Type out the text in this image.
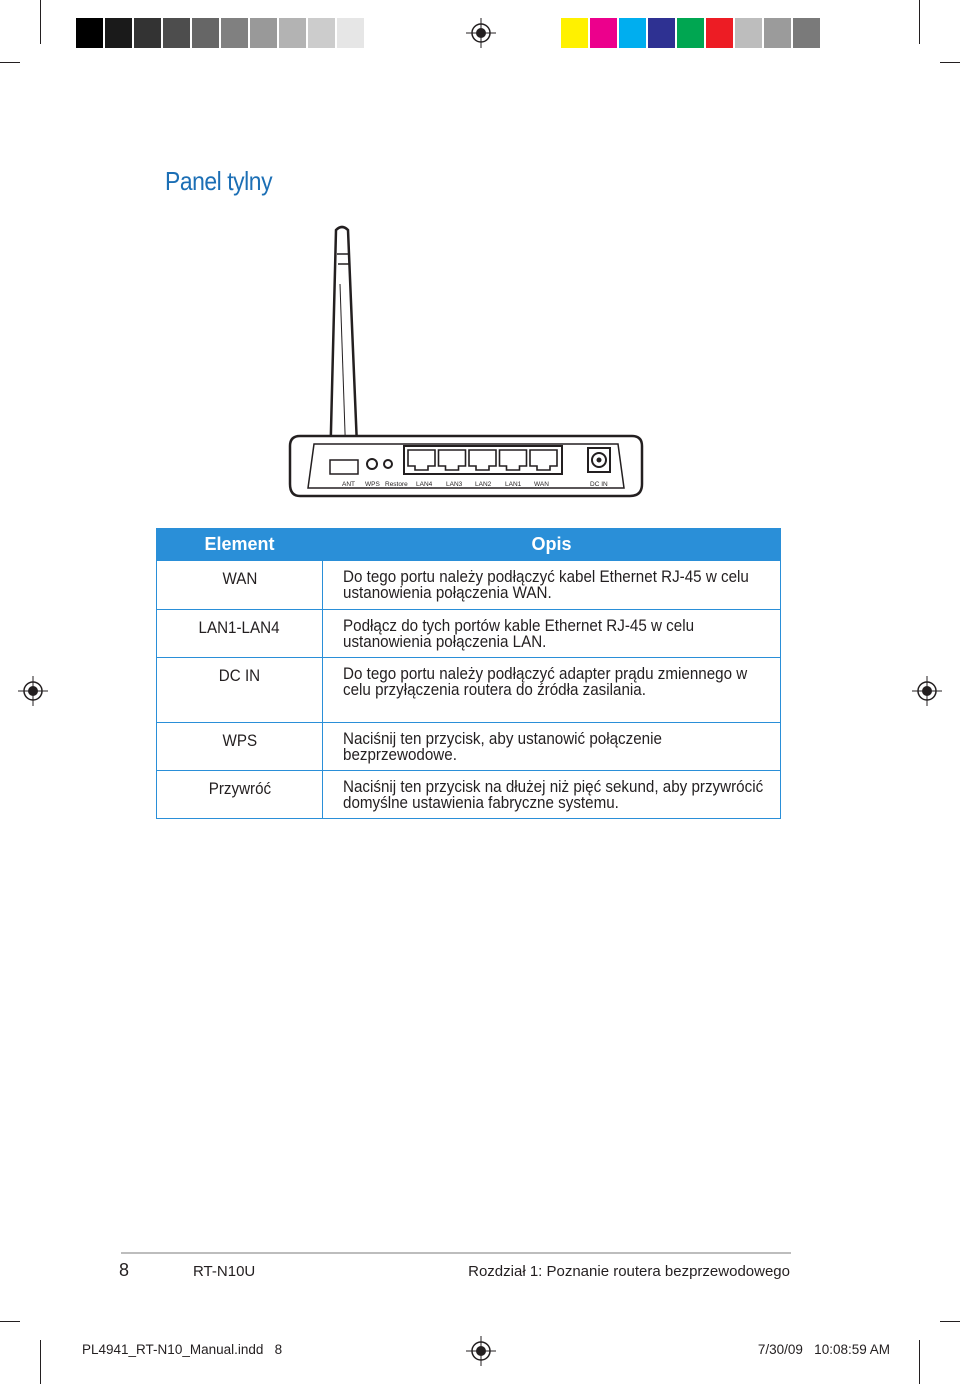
Panel tylny
ANT WPS Restore LAN4 LAN3 LAN2 LAN1 WAN	DC IN
Element	Opis
WAN	Do tego portu należy podłączyć kabel Ethernet RJ-45 w celu ustanowienia połączenia WAN.
LAN1-LAN4	Podłącz do tych portów kable Ethernet RJ-45 w celu ustanowienia połączenia LAN.
DC IN	Do tego portu należy podłączyć adapter prądu zmiennego w celu przyłączenia routera do źródła zasilania.
WPS	Naciśnij ten przycisk, aby ustanowić połączenie bezprzewodowe.
Przywróć	Naciśnij ten przycisk na dłużej niż pięć sekund, aby przywrócić domyślne ustawienia fabryczne systemu.
8	RT-N10U	Rozdział 1: Poznanie routera bezprzewodowego
PL4941_RT-N10_Manual.indd   8	7/30/09   10:08:59 AM
